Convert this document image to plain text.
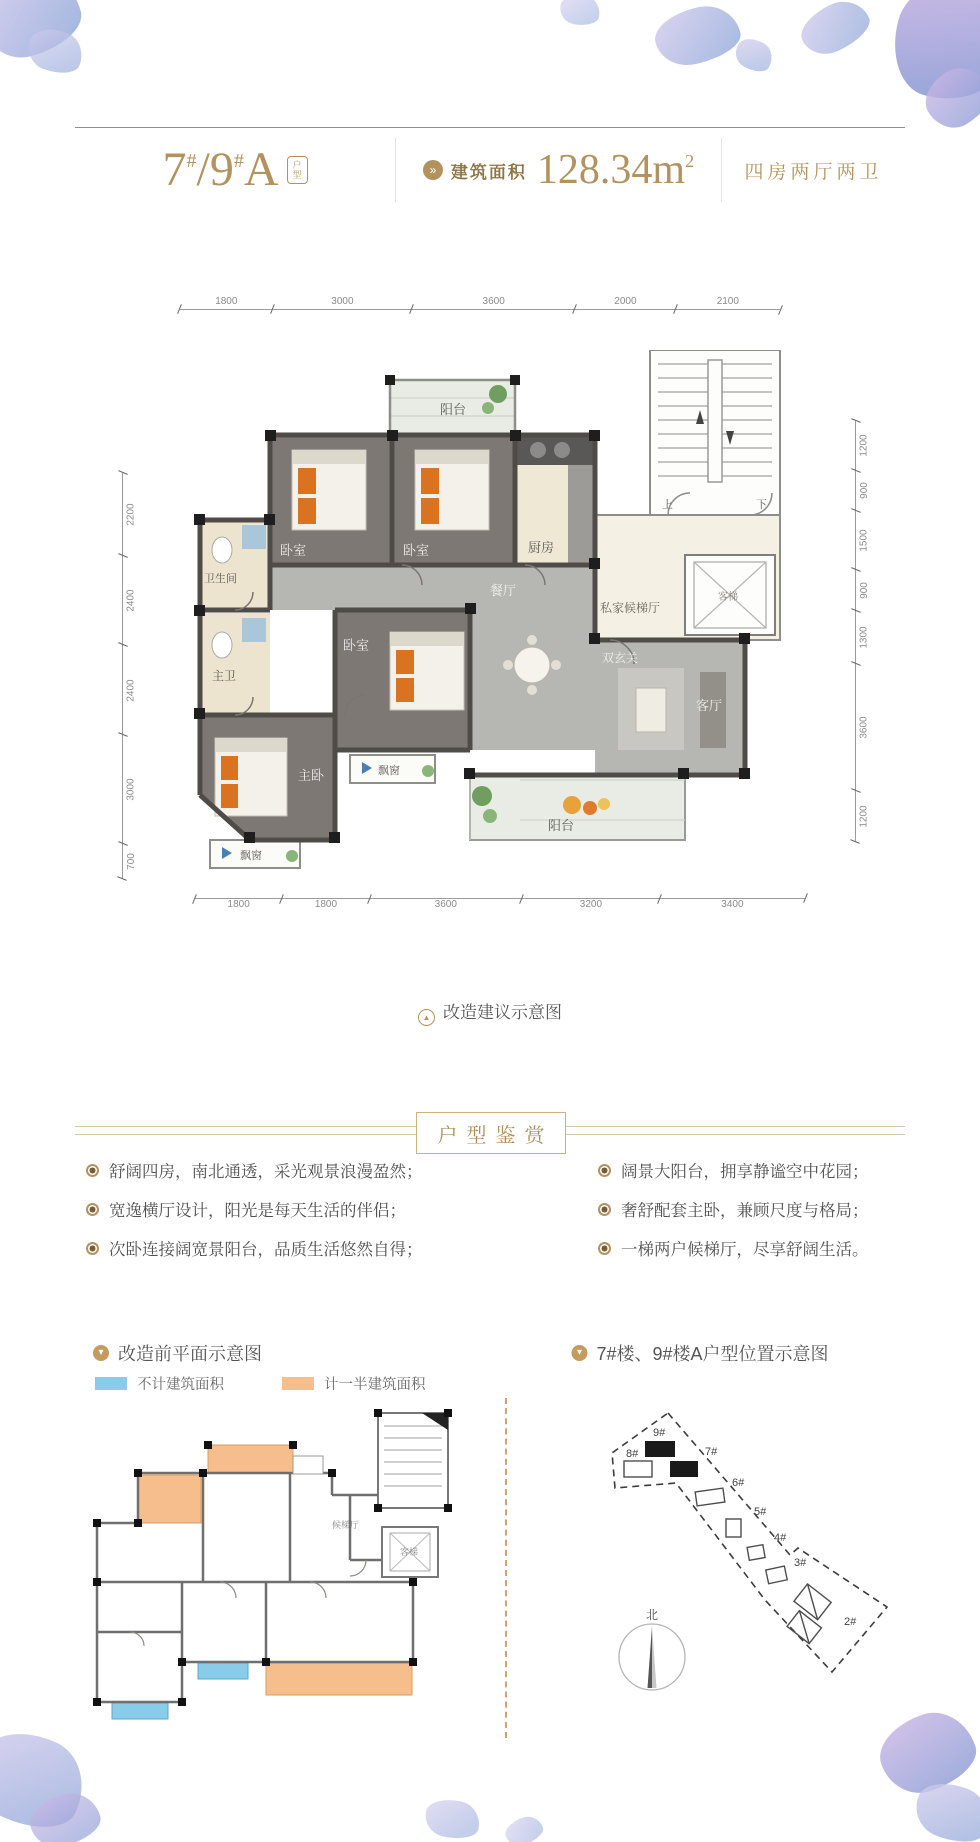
7#/9#A	户型	» 建筑面积 $128.34m^2$
四房两厅两卫
1800	3000	3600	2000	2100
1800	1800	3600	3200	3400
2200
2400
2400
3000
700
1200
900
1500
900
1300
3600
1200
阳台
卧室	卧室	厨房
卫生间
主卫
卧室
主卧
餐厅
双玄关
客厅
私家候梯厅
客梯
上	下
飘窗
飘窗
阳台
▲ 改造建议示意图
户型鉴赏
舒阔四房，南北通透，采光观景浪漫盈然；
宽逸横厅设计，阳光是每天生活的伴侣；
次卧连接阔宽景阳台，品质生活悠然自得；
阔景大阳台，拥享静谧空中花园；
奢舒配套主卧，兼顾尺度与格局；
一梯两户候梯厅，尽享舒阔生活。
▾ 改造前平面示意图
不计建筑面积	计一半建筑面积
候梯厅
客梯
▾ 7#楼、9#楼A户型位置示意图
9#
8#	7#
6#
5#
4#
3#
2#
北
